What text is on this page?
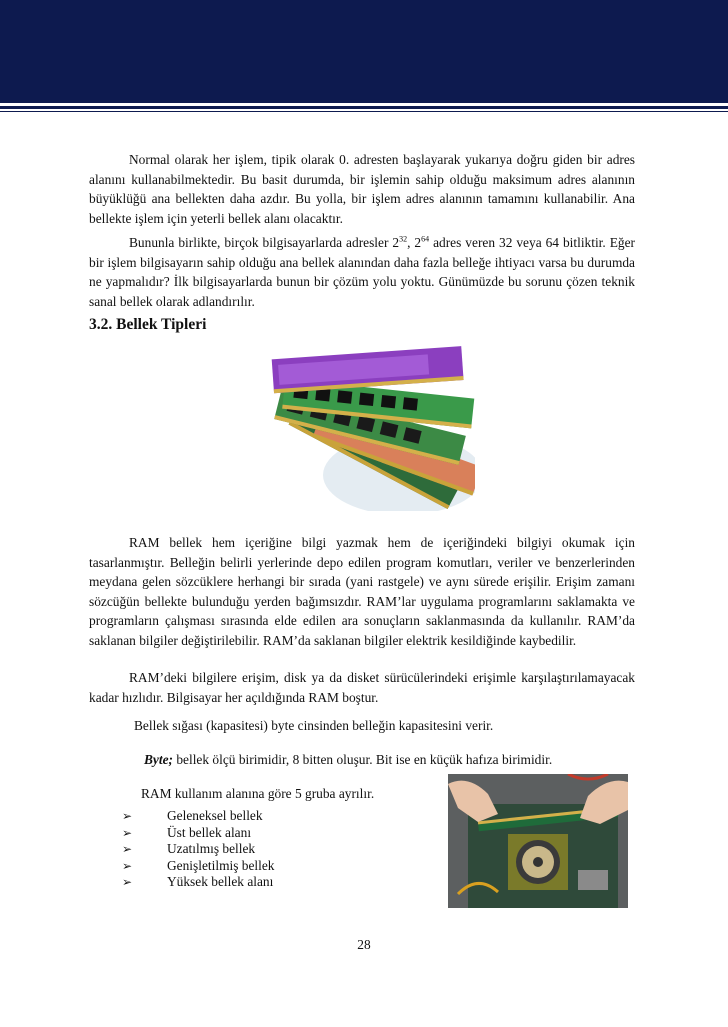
Normal olarak her işlem, tipik olarak 0. adresten başlayarak yukarıya doğru giden bir adres alanını kullanabilmektedir. Bu basit durumda, bir işlemin sahip olduğu maksimum adres alanının büyüklüğü ana bellekten daha azdır. Bu yolla, bir işlem adres alanının tamamını kullanabilir. Ana bellekte işlem için yeterli bellek alanı olacaktır.
Bununla birlikte, birçok bilgisayarlarda adresler $2^{32}$, $2^{64}$ adres veren 32 veya 64 bitliktir. Eğer bir işlem bilgisayarın sahip olduğu ana bellek alanından daha fazla belleğe ihtiyacı varsa bu durumda ne yapmalıdır? İlk bilgisayarlarda bunun bir çözüm yolu yoktu. Günümüzde bu sorunu çözen teknik sanal bellek olarak adlandırılır.
3.2. Bellek Tipleri
RAM bellek hem içeriğine bilgi yazmak hem de içeriğindeki bilgiyi okumak için tasarlanmıştır. Belleğin belirli yerlerinde depo edilen program komutları, veriler ve benzerlerinden meydana gelen sözcüklere herhangi bir sırada (yani rastgele) ve aynı sürede erişilir. Erişim zamanı sözcüğün bellekte bulunduğu yerden bağımsızdır. RAM’lar uygulama programlarını saklamakta ve programların çalışması sırasında elde edilen ara sonuçların saklanmasında da kullanılır. RAM’da saklanan bilgiler değiştirilebilir. RAM’da saklanan bilgiler elektrik kesildiğinde kaybedilir.
RAM’deki bilgilere erişim, disk ya da disket sürücülerindeki erişimle karşılaştırılamayacak kadar hızlıdır. Bilgisayar her açıldığında RAM boştur.
Bellek sığası (kapasitesi) byte cinsinden belleğin kapasitesini verir.
Byte; bellek ölçü birimidir, 8 bitten oluşur. Bit ise en küçük hafıza birimidir.
RAM kullanım alanına göre 5 gruba ayrılır.
➢	Geleneksel bellek
➢	Üst bellek alanı
➢	Uzatılmış bellek
➢	Genişletilmiş bellek
➢	Yüksek bellek alanı
28
